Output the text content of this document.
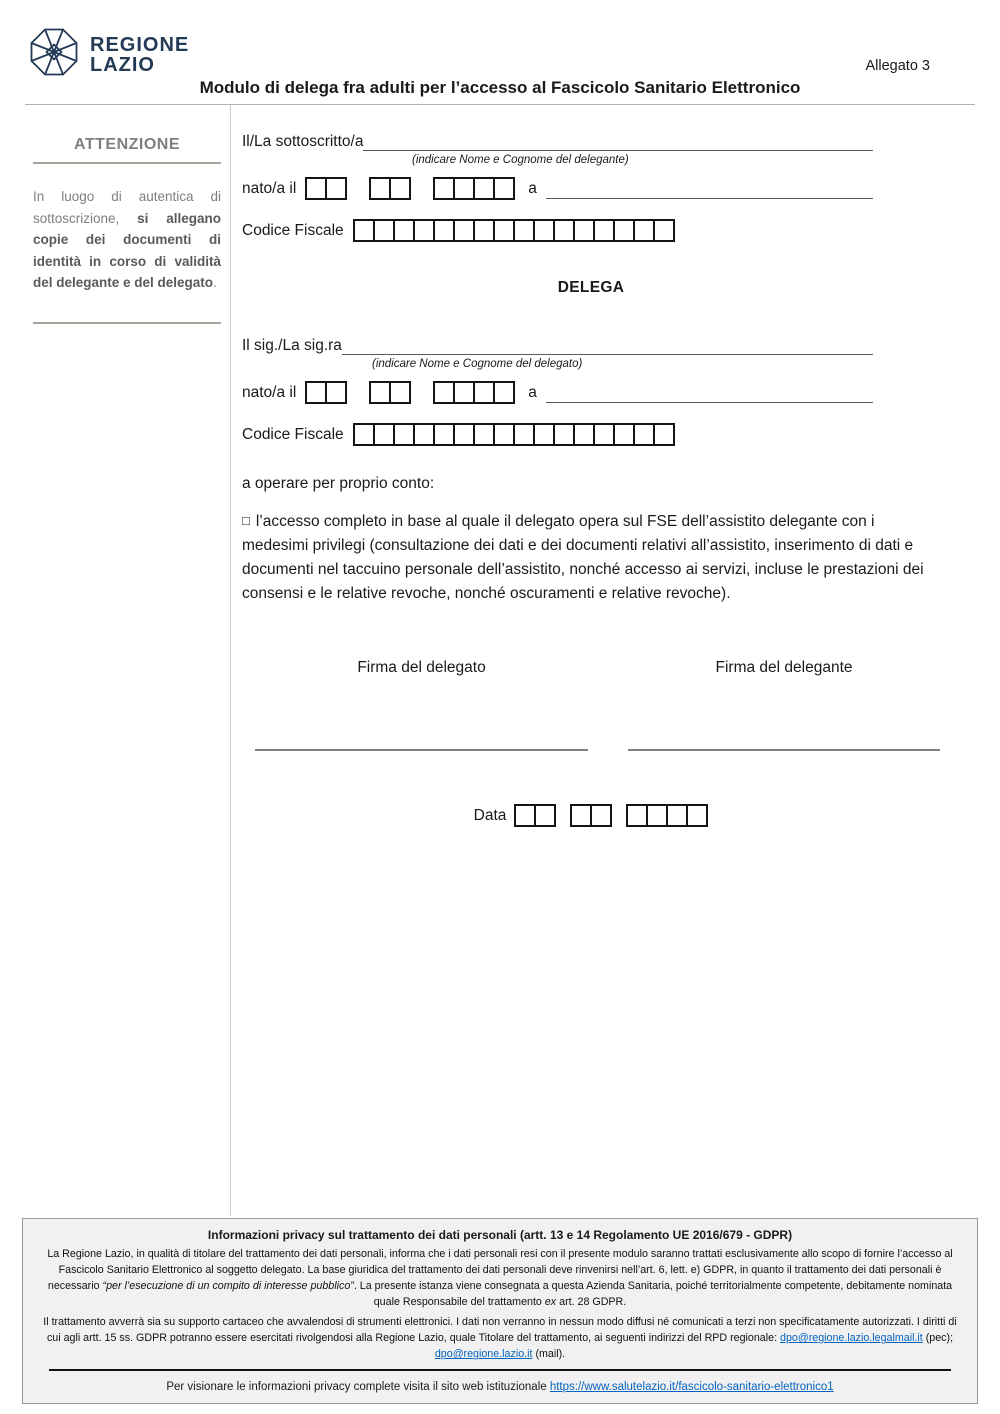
REGIONE
LAZIO	Allegato 3
Modulo di delega fra adulti per l’accesso al Fascicolo Sanitario Elettronico
ATTENZIONE

In luogo di autentica di sottoscrizione, si allegano copie dei documenti di identità in corso di validità del delegante e del delegato.

Il/La sottoscritto/a
(indicare Nome e Cognome del delegante)
nato/a il	a
Codice Fiscale
DELEGA
Il sig./La sig.ra
(indicare Nome e Cognome del delegato)
nato/a il	a
Codice Fiscale

a operare per proprio conto:

□ l’accesso completo in base al quale il delegato opera sul FSE dell’assistito delegante con i medesimi privilegi (consultazione dei dati e dei documenti relativi all’assistito, inserimento di dati e documenti nel taccuino personale dell’assistito, nonché accesso ai servizi, incluse le prestazioni dei consensi e le relative revoche, nonché oscuramenti e relative revoche).

Firma del delegato	Firma del delegante
Data
Informazioni privacy sul trattamento dei dati personali (artt. 13 e 14 Regolamento UE 2016/679 - GDPR)

La Regione Lazio, in qualità di titolare del trattamento dei dati personali, informa che i dati personali resi con il presente modulo saranno trattati esclusivamente allo scopo di fornire l’accesso al Fascicolo Sanitario Elettronico al soggetto delegato. La base giuridica del trattamento dei dati personali deve rinvenirsi nell’art. 6, lett. e) GDPR, in quanto il trattamento dei dati personali è necessario “per l’esecuzione di un compito di interesse pubblico”. La presente istanza viene consegnata a questa Azienda Sanitaria, poiché territorialmente competente, debitamente nominata quale Responsabile del trattamento ex art. 28 GDPR.

Il trattamento avverrà sia su supporto cartaceo che avvalendosi di strumenti elettronici. I dati non verranno in nessun modo diffusi né comunicati a terzi non specificatamente autorizzati. I diritti di cui agli artt. 15 ss. GDPR potranno essere esercitati rivolgendosi alla Regione Lazio, quale Titolare del trattamento, ai seguenti indirizzi del RPD regionale: dpo@regione.lazio.legalmail.it (pec); dpo@regione.lazio.it (mail).

Per visionare le informazioni privacy complete visita il sito web istituzionale https://www.salutelazio.it/fascicolo-sanitario-elettronico1
